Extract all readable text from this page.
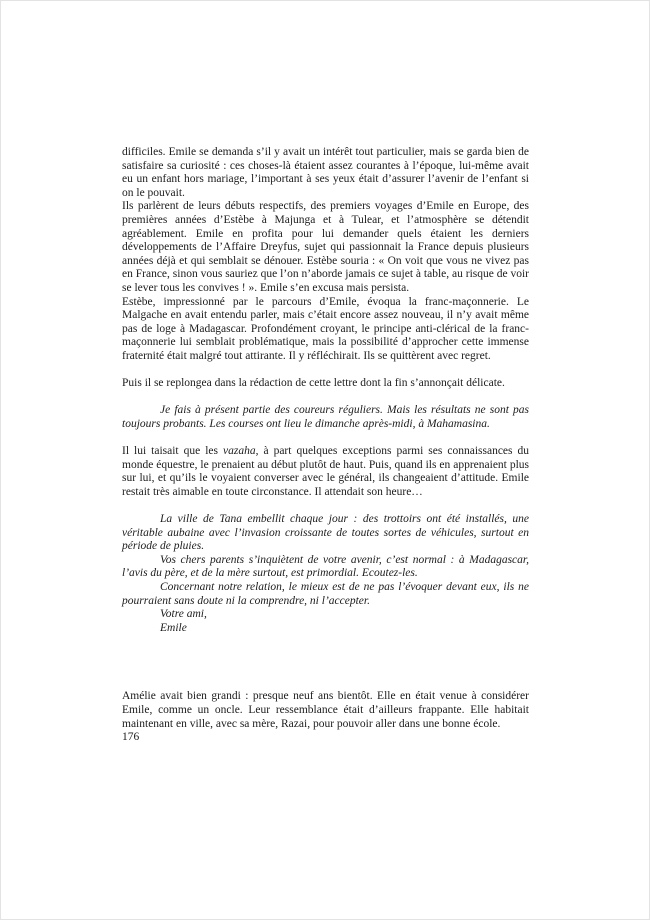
difficiles. Emile se demanda s’il y avait un intérêt tout particulier, mais se garda bien de satisfaire sa curiosité : ces choses-là étaient assez courantes à l’époque, lui-même avait eu un enfant hors mariage, l’important à ses yeux était d’assurer l’avenir de l’enfant si on le pouvait.

Ils parlèrent de leurs débuts respectifs, des premiers voyages d’Emile en Europe, des premières années d’Estèbe à Majunga et à Tulear, et l’atmosphère se détendit agréablement. Emile en profita pour lui demander quels étaient les derniers développements de l’Affaire Dreyfus, sujet qui passionnait la France depuis plusieurs années déjà et qui semblait se dénouer. Estèbe souria : « On voit que vous ne vivez pas en France, sinon vous sauriez que l’on n’aborde jamais ce sujet à table, au risque de voir se lever tous les convives ! ». Emile s’en excusa mais persista.

Estèbe, impressionné par le parcours d’Emile, évoqua la franc-maçonnerie. Le Malgache en avait entendu parler, mais c’était encore assez nouveau, il n’y avait même pas de loge à Madagascar. Profondément croyant, le principe anti-clérical de la franc-maçonnerie lui semblait problématique, mais la possibilité d’approcher cette immense fraternité était malgré tout attirante. Il y réfléchirait. Ils se quittèrent avec regret.

Puis il se replongea dans la rédaction de cette lettre dont la fin s’annonçait délicate.

Je fais à présent partie des coureurs réguliers. Mais les résultats ne sont pas toujours probants. Les courses ont lieu le dimanche après-midi, à Mahamasina.

Il lui taisait que les vazaha, à part quelques exceptions parmi ses connaissances du monde équestre, le prenaient au début plutôt de haut. Puis, quand ils en apprenaient plus sur lui, et qu’ils le voyaient converser avec le général, ils changeaient d’attitude. Emile restait très aimable en toute circonstance. Il attendait son heure…

La ville de Tana embellit chaque jour : des trottoirs ont été installés, une véritable aubaine avec l’invasion croissante de toutes sortes de véhicules, surtout en période de pluies.

Vos chers parents s’inquiètent de votre avenir, c’est normal : à Madagascar, l’avis du père, et de la mère surtout, est primordial. Ecoutez-les.

Concernant notre relation, le mieux est de ne pas l’évoquer devant eux, ils ne pourraient sans doute ni la comprendre, ni l’accepter.

Votre ami,

Emile

Amélie avait bien grandi : presque neuf ans bientôt. Elle en était venue à considérer Emile, comme un oncle. Leur ressemblance était d’ailleurs frappante. Elle habitait maintenant en ville, avec sa mère, Razai, pour pouvoir aller dans une bonne école.

176
